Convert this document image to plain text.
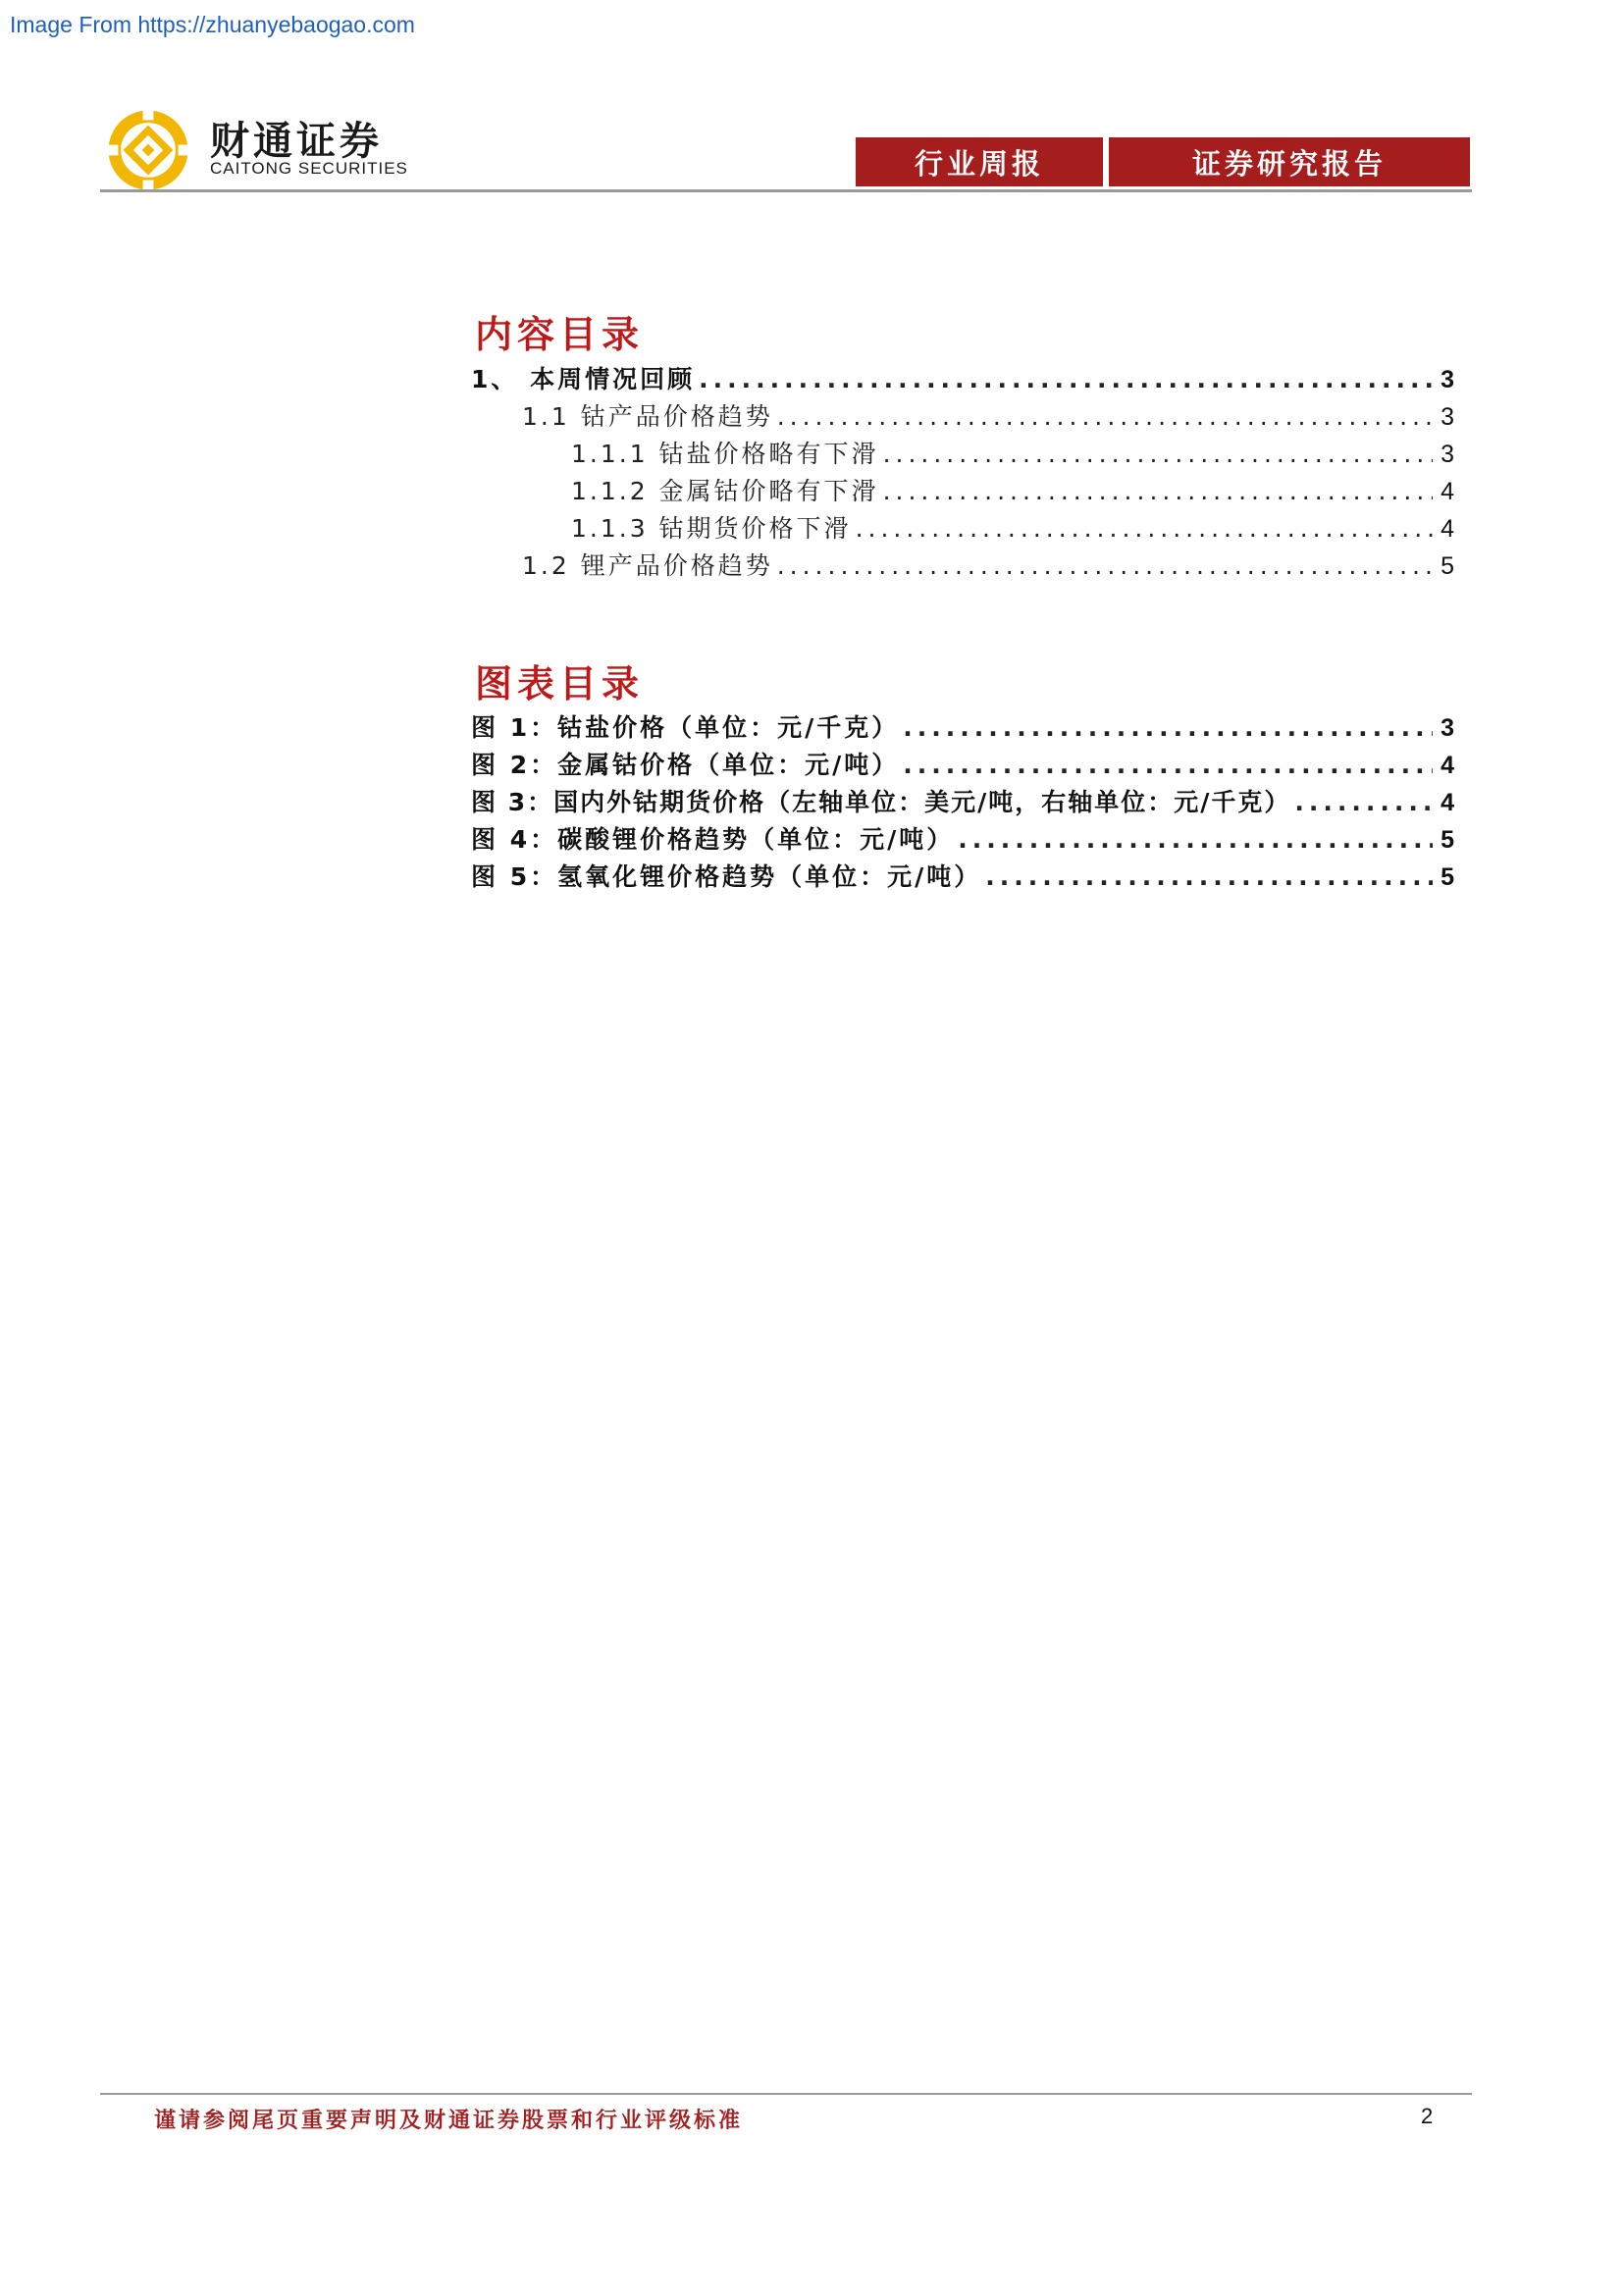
Image From https://zhuanyebaogao.com
财通证券
CAITONG SECURITIES	行业周报	证券研究报告
内容目录
1、 本周情况回顾 .....	3
1.1 钴产品价格趋势 .....	3
1.1.1 钴盐价格略有下滑 .....	3
1.1.2 金属钴价略有下滑 .....	4
1.1.3 钴期货价格下滑 .....	4
1.2 锂产品价格趋势 .....	5
图表目录
图 1：钴盐价格（单位：元/千克） .....	3
图 2：金属钴价格（单位：元/吨） .....	4
图 3：国内外钴期货价格（左轴单位：美元/吨，右轴单位：元/千克） .....	4
图 4：碳酸锂价格趋势（单位：元/吨） .....	5
图 5：氢氧化锂价格趋势（单位：元/吨） .....	5
谨请参阅尾页重要声明及财通证券股票和行业评级标准	2
